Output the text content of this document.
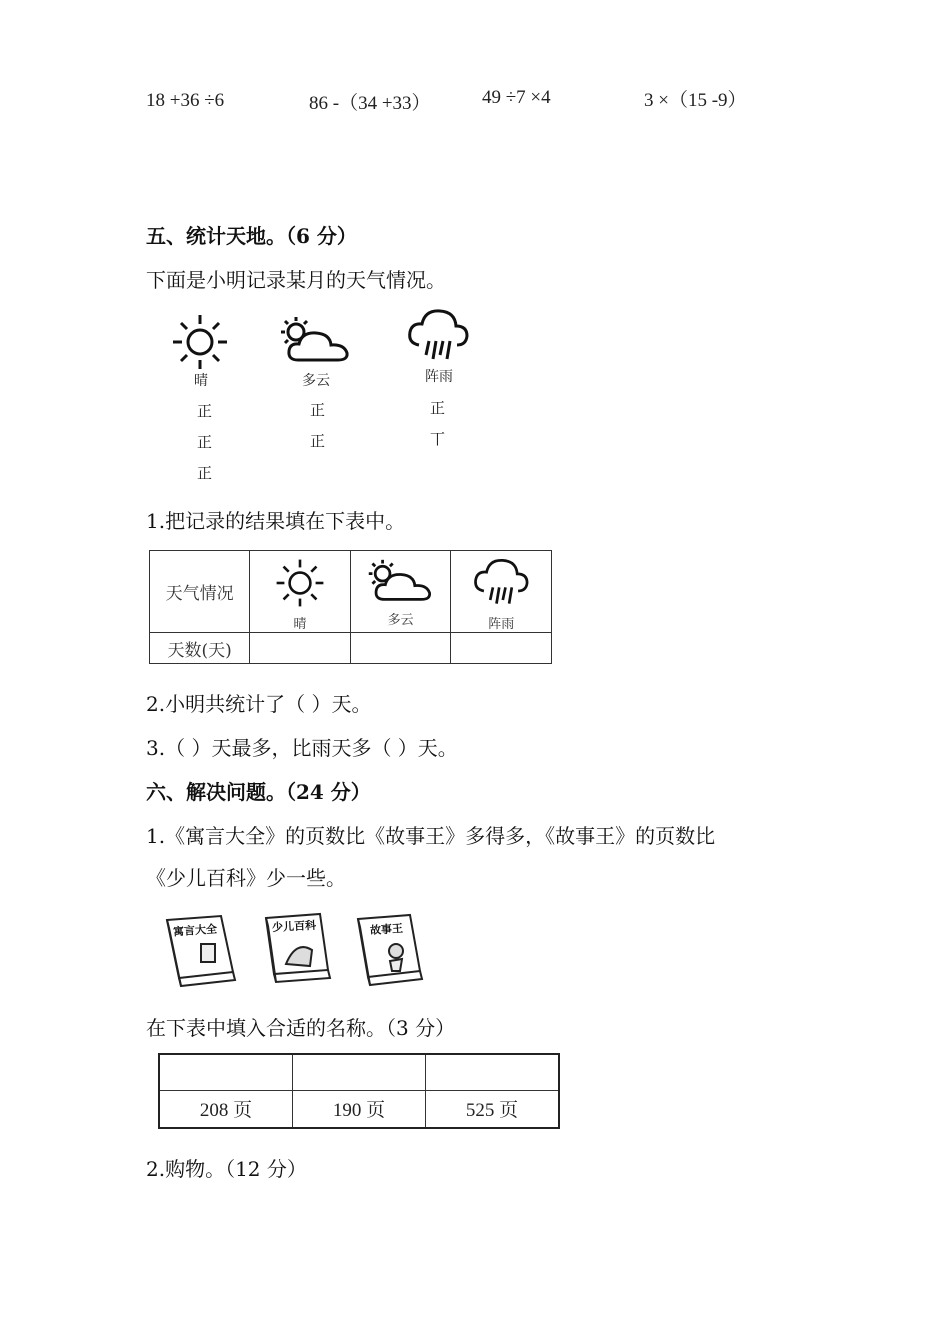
18 +36 ÷6	86 -（34 +33）	49 ÷7 ×4	3 ×（15 -9）
五、统计天地。（6 分）
下面是小明记录某月的天气情况。
晴	多云	阵雨
正
正
正
正
正
正
丅
1.把记录的结果填在下表中。
天气情况	晴	多云	阵雨

天数(天)			
2.小明共统计了（ ）天。
3.（ ）天最多，比雨天多（ ）天。
六、解决问题。（24 分）
1.《寓言大全》的页数比《故事王》多得多，《故事王》的页数比
《少儿百科》少一些。
寓言大全	少儿百科	故事王
在下表中填入合适的名称。（3 分）

208 页	190 页	525 页
2.购物。（12 分）
